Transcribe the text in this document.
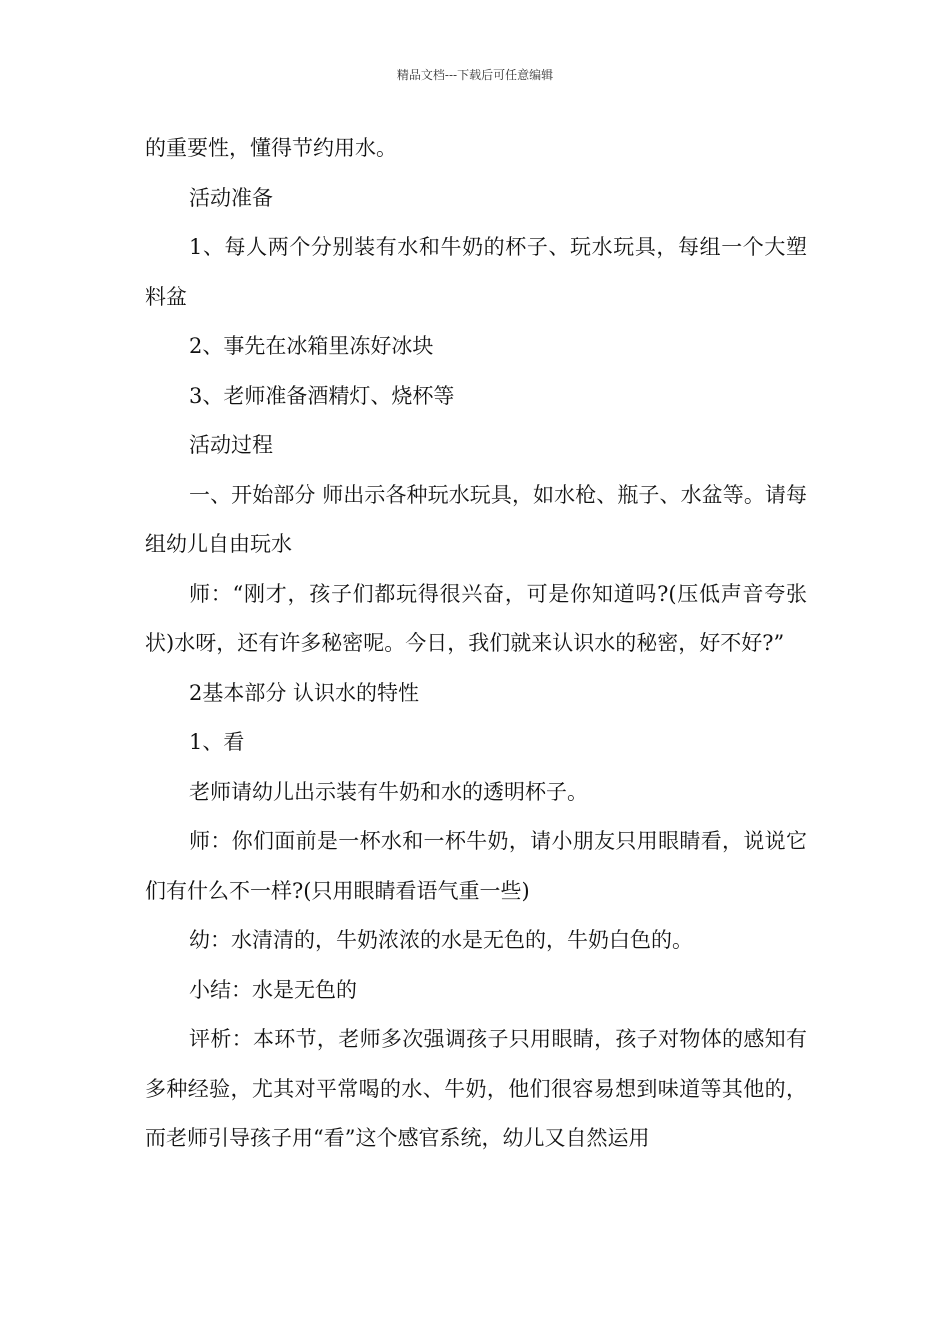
精品文档---下载后可任意编辑

的重要性，懂得节约用水。

活动准备

1、每人两个分别装有水和牛奶的杯子、玩水玩具，每组一个大塑料盆

2、事先在冰箱里冻好冰块

3、老师准备酒精灯、烧杯等

活动过程

一、开始部分 师出示各种玩水玩具，如水枪、瓶子、水盆等。请每组幼儿自由玩水

师：“刚才，孩子们都玩得很兴奋，可是你知道吗?(压低声音夸张状)水呀，还有许多秘密呢。今日，我们就来认识水的秘密，好不好?”

2基本部分 认识水的特性

1、看

老师请幼儿出示装有牛奶和水的透明杯子。

师：你们面前是一杯水和一杯牛奶，请小朋友只用眼睛看，说说它们有什么不一样?(只用眼睛看语气重一些)

幼：水清清的，牛奶浓浓的水是无色的，牛奶白色的。

小结：水是无色的

评析：本环节，老师多次强调孩子只用眼睛，孩子对物体的感知有多种经验，尤其对平常喝的水、牛奶，他们很容易想到味道等其他的，而老师引导孩子用“看”这个感官系统，幼儿又自然运用
